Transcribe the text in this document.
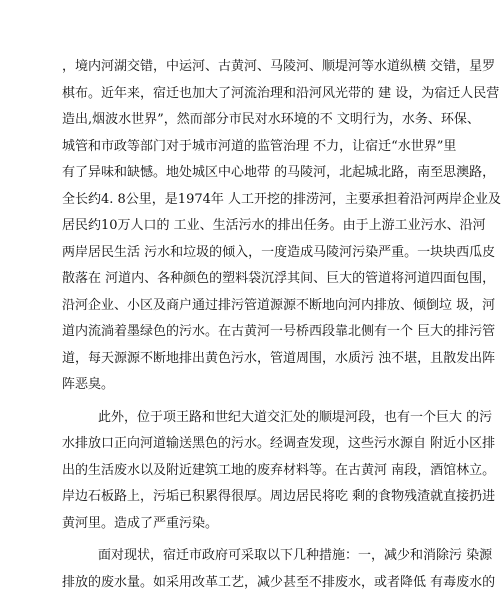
，境内河湖交错，中运河、古黄河、马陵河、顺堤河等水道纵横 交错，星罗
棋布。近年来，宿迁也加大了河流治理和沿河风光带的 建 设，为宿迁人民营
造出,烟波水世界”，然而部分市民对水环境的不 文明行为，水务、环保、
城管和市政等部门对于城市河道的监管治理 不力，让宿迁“水世界”里
有了异味和缺憾。地处城区中心地带 的马陵河，北起城北路，南至思澳路，
全长约4. 8公里，是1974年 人工开挖的排涝河，主要承担着沿河两岸企业及
居民约10万人口的 工业、生活污水的排出任务。由于上游工业污水、沿河
两岸居民生活 污水和垃圾的倾入，一度造成马陵河污染严重。一块块西瓜皮
散落在 河道内、各种颜色的塑料袋沉浮其间、巨大的管道将河道四面包围，
沿河企业、小区及商户通过排污管道源源不断地向河内排放、倾倒垃 圾，河
道内流淌着墨绿色的污水。在古黄河一号桥西段靠北侧有一个 巨大的排污管
道，每天源源不断地排出黄色污水，管道周围，水质污 浊不堪，且散发出阵
阵恶臭。
此外，位于项王路和世纪大道交汇处的顺堤河段，也有一个巨大 的污
水排放口正向河道输送黑色的污水。经调查发现，这些污水源自 附近小区排
出的生活废水以及附近建筑工地的废弃材料等。在古黄河 南段，酒馆林立。
岸边石板路上，污垢已积累得很厚。周边居民将吃 剩的食物残渣就直接扔进
黄河里。造成了严重污染。
面对现状，宿迁市政府可采取以下几种措施：一，减少和消除污 染源
排放的废水量。如采用改革工艺，减少甚至不排废水，或者降低 有毒废水的
